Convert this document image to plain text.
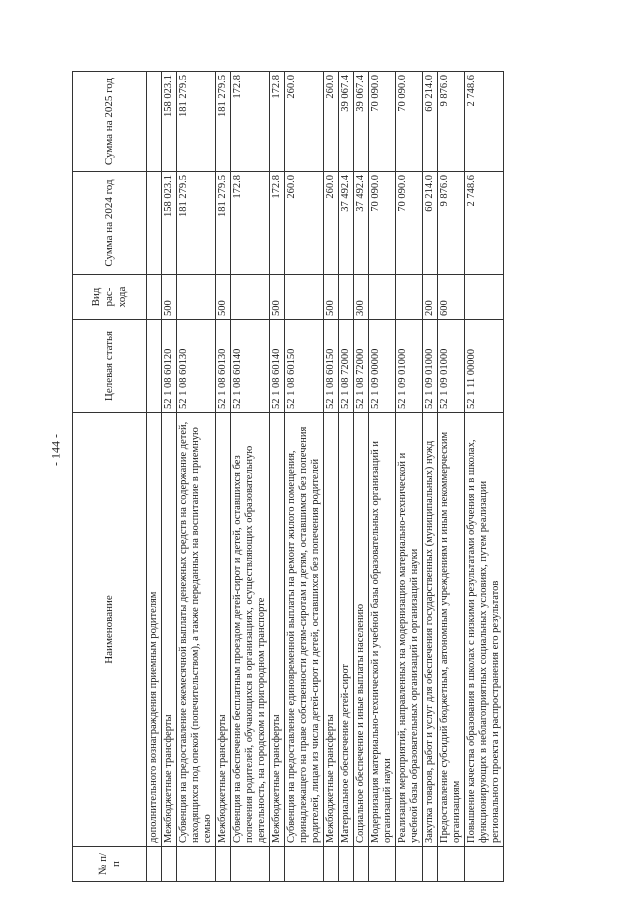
- 144 -
№ п/п	Наименование	Целевая статья	Вид рас-хода	Сумма на 2024 год	Сумма на 2025 год
	дополнительного вознаграждения приемным родителям				
	Межбюджетные трансферты	52 1 08 60120	500	158 023.1	158 023.1
	Субвенция на предоставление ежемесячной выплаты денежных средств на содержание детей, находящихся под опекой (попечительством), а также переданных на воспитание в приемную семью	52 1 08 60130		181 279.5	181 279.5
	Межбюджетные трансферты	52 1 08 60130	500	181 279.5	181 279.5
	Субвенция на обеспечение бесплатным проездом детей-сирот и детей, оставшихся без попечения родителей, обучающихся в организациях, осуществляющих образовательную деятельность, на городском и пригородном транспорте	52 1 08 60140		172.8	172.8
	Межбюджетные трансферты	52 1 08 60140	500	172.8	172.8
	Субвенция на предоставление единовременной выплаты на ремонт жилого помещения, принадлежащего на праве собственности детям-сиротам и детям, оставшимся без попечения родителей, лицам из числа детей-сирот и детей, оставшихся без попечения родителей	52 1 08 60150		260.0	260.0
	Межбюджетные трансферты	52 1 08 60150	500	260.0	260.0
	Материальное обеспечение детей-сирот	52 1 08 72000		37 492.4	39 067.4
	Социальное обеспечение и иные выплаты населению	52 1 08 72000	300	37 492.4	39 067.4
	Модернизация материально-технической и учебной базы образовательных организаций и организаций науки	52 1 09 00000		70 090.0	70 090.0
	Реализация мероприятий, направленных на модернизацию материально-технической и учебной базы образовательных организаций и организаций науки	52 1 09 01000		70 090.0	70 090.0
	Закупка товаров, работ и услуг для обеспечения государственных (муниципальных) нужд	52 1 09 01000	200	60 214.0	60 214.0
	Предоставление субсидий бюджетным, автономным учреждениям и иным некоммерческим организациям	52 1 09 01000	600	9 876.0	9 876.0
	Повышение качества образования в школах с низкими результатами обучения и в школах, функционирующих в неблагоприятных социальных условиях, путем реализации регионального проекта и распространения его результатов	52 1 11 00000		2 748.6	2 748.6
